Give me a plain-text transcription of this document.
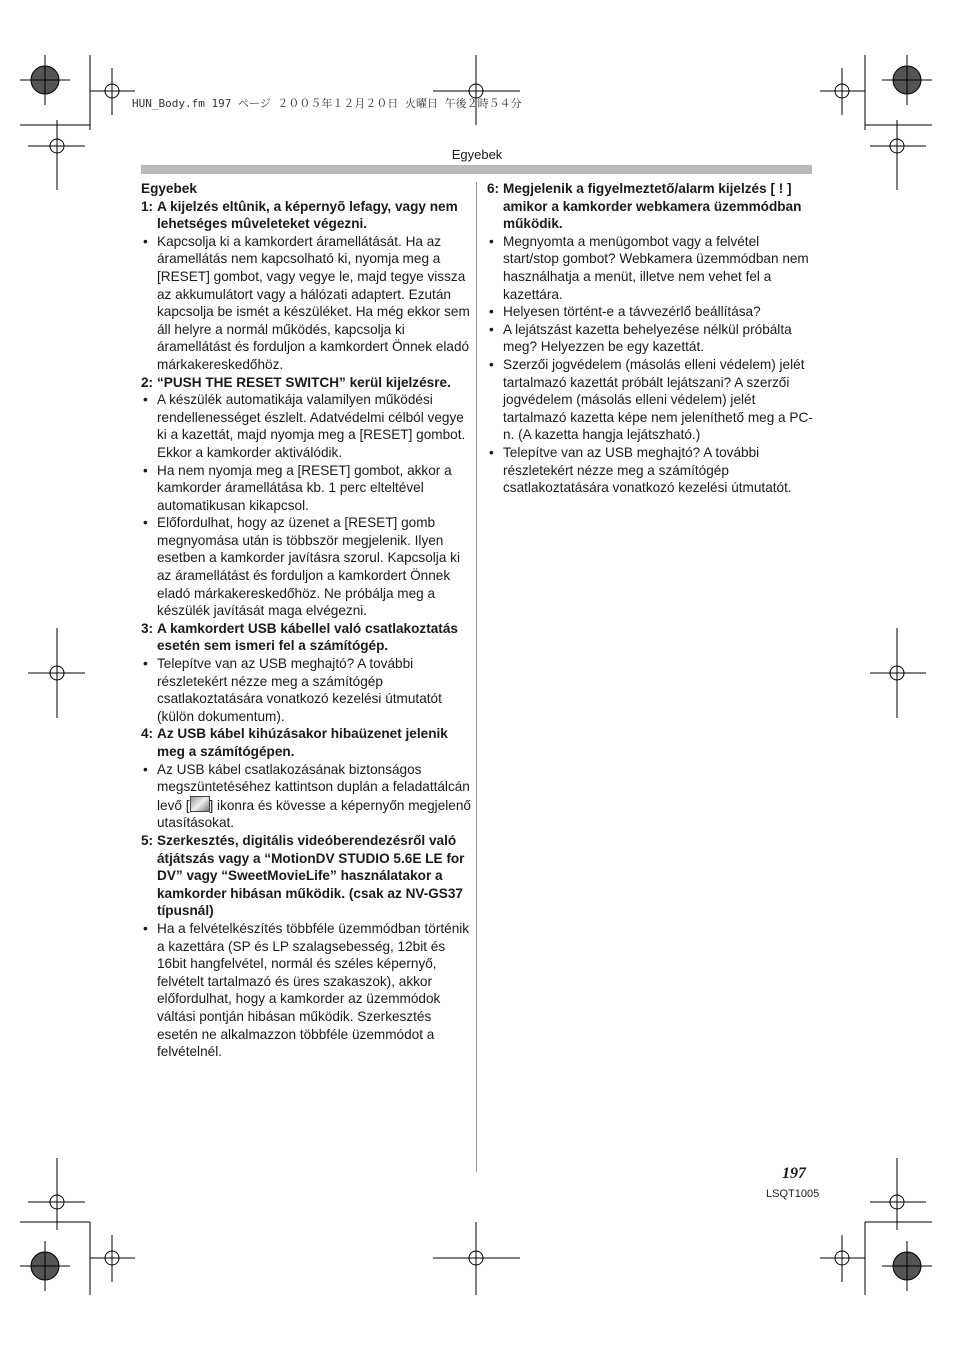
HUN_Body.fm 197 ページ ２００５年１２月２０日 火曜日 午後２時５４分
Egyebek
Egyebek
1: A kijelzés eltûnik, a képernyõ lefagy, vagy nem lehetséges mûveleteket végezni.
• Kapcsolja ki a kamkordert áramellátását. Ha az áramellátás nem kapcsolható ki, nyomja meg a [RESET] gombot, vagy vegye le, majd tegye vissza az akkumulátort vagy a hálózati adaptert. Ezután kapcsolja be ismét a készüléket. Ha még ekkor sem áll helyre a normál működés, kapcsolja ki áramellátást és forduljon a kamkordert Önnek eladó márkakereskedőhöz.
2: “PUSH THE RESET SWITCH” kerül kijelzésre.
• A készülék automatikája valamilyen működési rendellenességet észlelt. Adatvédelmi célból vegye ki a kazettát, majd nyomja meg a [RESET] gombot. Ekkor a kamkorder aktiválódik.
• Ha nem nyomja meg a [RESET] gombot, akkor a kamkorder áramellátása kb. 1 perc elteltével automatikusan kikapcsol.
• Előfordulhat, hogy az üzenet a [RESET] gomb megnyomása után is többször megjelenik. Ilyen esetben a kamkorder javításra szorul. Kapcsolja ki az áramellátást és forduljon a kamkordert Önnek eladó márkakereskedőhöz. Ne próbálja meg a készülék javítását maga elvégezni.
3: A kamkordert USB kábellel való csatlakoztatás esetén sem ismeri fel a számítógép.
• Telepítve van az USB meghajtó? A további részletekért nézze meg a számítógép csatlakoztatására vonatkozó kezelési útmutatót (külön dokumentum).
4: Az USB kábel kihúzásakor hibaüzenet jelenik meg a számítógépen.
• Az USB kábel csatlakozásának biztonságos megszüntetéséhez kattintson duplán a feladattálcán levő [ ] ikonra és kövesse a képernyőn megjelenő utasításokat.
5: Szerkesztés, digitális videóberendezésről való átjátszás vagy a “MotionDV STUDIO 5.6E LE for DV” vagy “SweetMovieLife” használatakor a kamkorder hibásan működik. (csak az NV-GS37 típusnál)
• Ha a felvételkészítés többféle üzemmódban történik a kazettára (SP és LP szalagsebesség, 12bit és 16bit hangfelvétel, normál és széles képernyő, felvételt tartalmazó és üres szakaszok), akkor előfordulhat, hogy a kamkorder az üzemmódok váltási pontján hibásan működik. Szerkesztés esetén ne alkalmazzon többféle üzemmódot a felvételnél.
6: Megjelenik a figyelmeztető/alarm kijelzés [ ! ] amikor a kamkorder webkamera üzemmódban működik.
• Megnyomta a menügombot vagy a felvétel start/stop gombot? Webkamera üzemmódban nem használhatja a menüt, illetve nem vehet fel a kazettára.
• Helyesen történt-e a távvezérlő beállítása?
• A lejátszást kazetta behelyezése nélkül próbálta meg? Helyezzen be egy kazettát.
• Szerzői jogvédelem (másolás elleni védelem) jelét tartalmazó kazettát próbált lejátszani? A szerzői jogvédelem (másolás elleni védelem) jelét tartalmazó kazetta képe nem jeleníthető meg a PC-n. (A kazetta hangja lejátszható.)
• Telepítve van az USB meghajtó? A további részletekért nézze meg a számítógép csatlakoztatására vonatkozó kezelési útmutatót.
197
LSQT1005
